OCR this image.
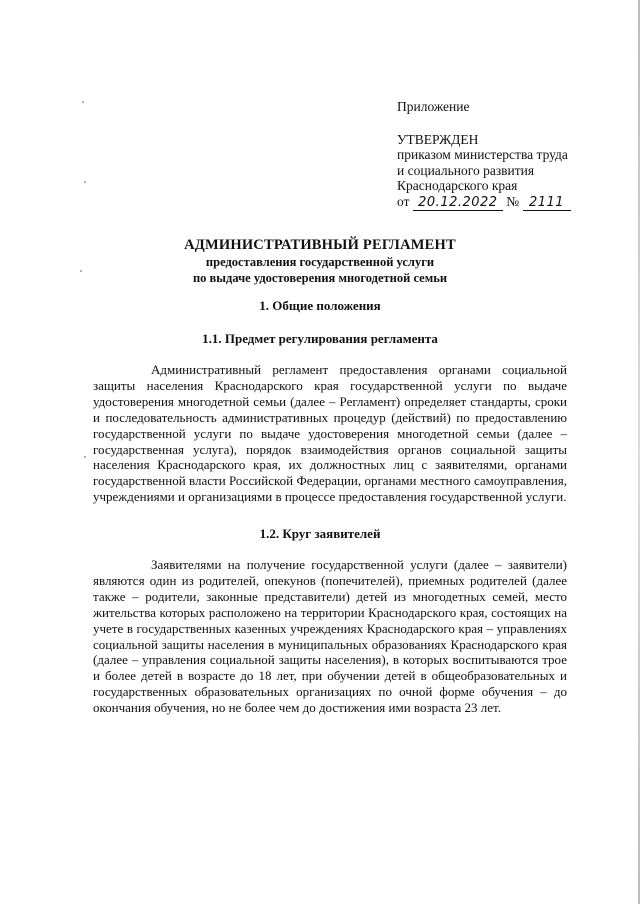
Приложение
УТВЕРЖДЕН
приказом министерства труда
и социального развития
Краснодарского края
от 20.12.2022 № 2111
АДМИНИСТРАТИВНЫЙ РЕГЛАМЕНТ
предоставления государственной услуги
по выдаче удостоверения многодетной семьи
1. Общие положения
1.1. Предмет регулирования регламента

Административный регламент предоставления органами социальной защиты населения Краснодарского края государственной услуги по выдаче удостоверения многодетной семьи (далее – Регламент) определяет стандарты, сроки и последовательность административных процедур (действий) по предоставлению государственной услуги по выдаче удостоверения многодетной семьи (далее – государственная услуга), порядок взаимодействия органов социальной защиты населения Краснодарского края, их должностных лиц с заявителями, органами государственной власти Российской Федерации, органами местного самоуправления, учреждениями и организациями в процессе предоставления государственной услуги.

1.2. Круг заявителей

Заявителями на получение государственной услуги (далее – заявители) являются один из родителей, опекунов (попечителей), приемных родителей (далее также – родители, законные представители) детей из многодетных семей, место жительства которых расположено на территории Краснодарского края, состоящих на учете в государственных казенных учреждениях Краснодарского края – управлениях социальной защиты населения в муниципальных образованиях Краснодарского края (далее – управления социальной защиты населения), в которых воспитываются трое и более детей в возрасте до 18 лет, при обучении детей в общеобразовательных и государственных образовательных организациях по очной форме обучения – до окончания обучения, но не более чем до достижения ими возраста 23 лет.
